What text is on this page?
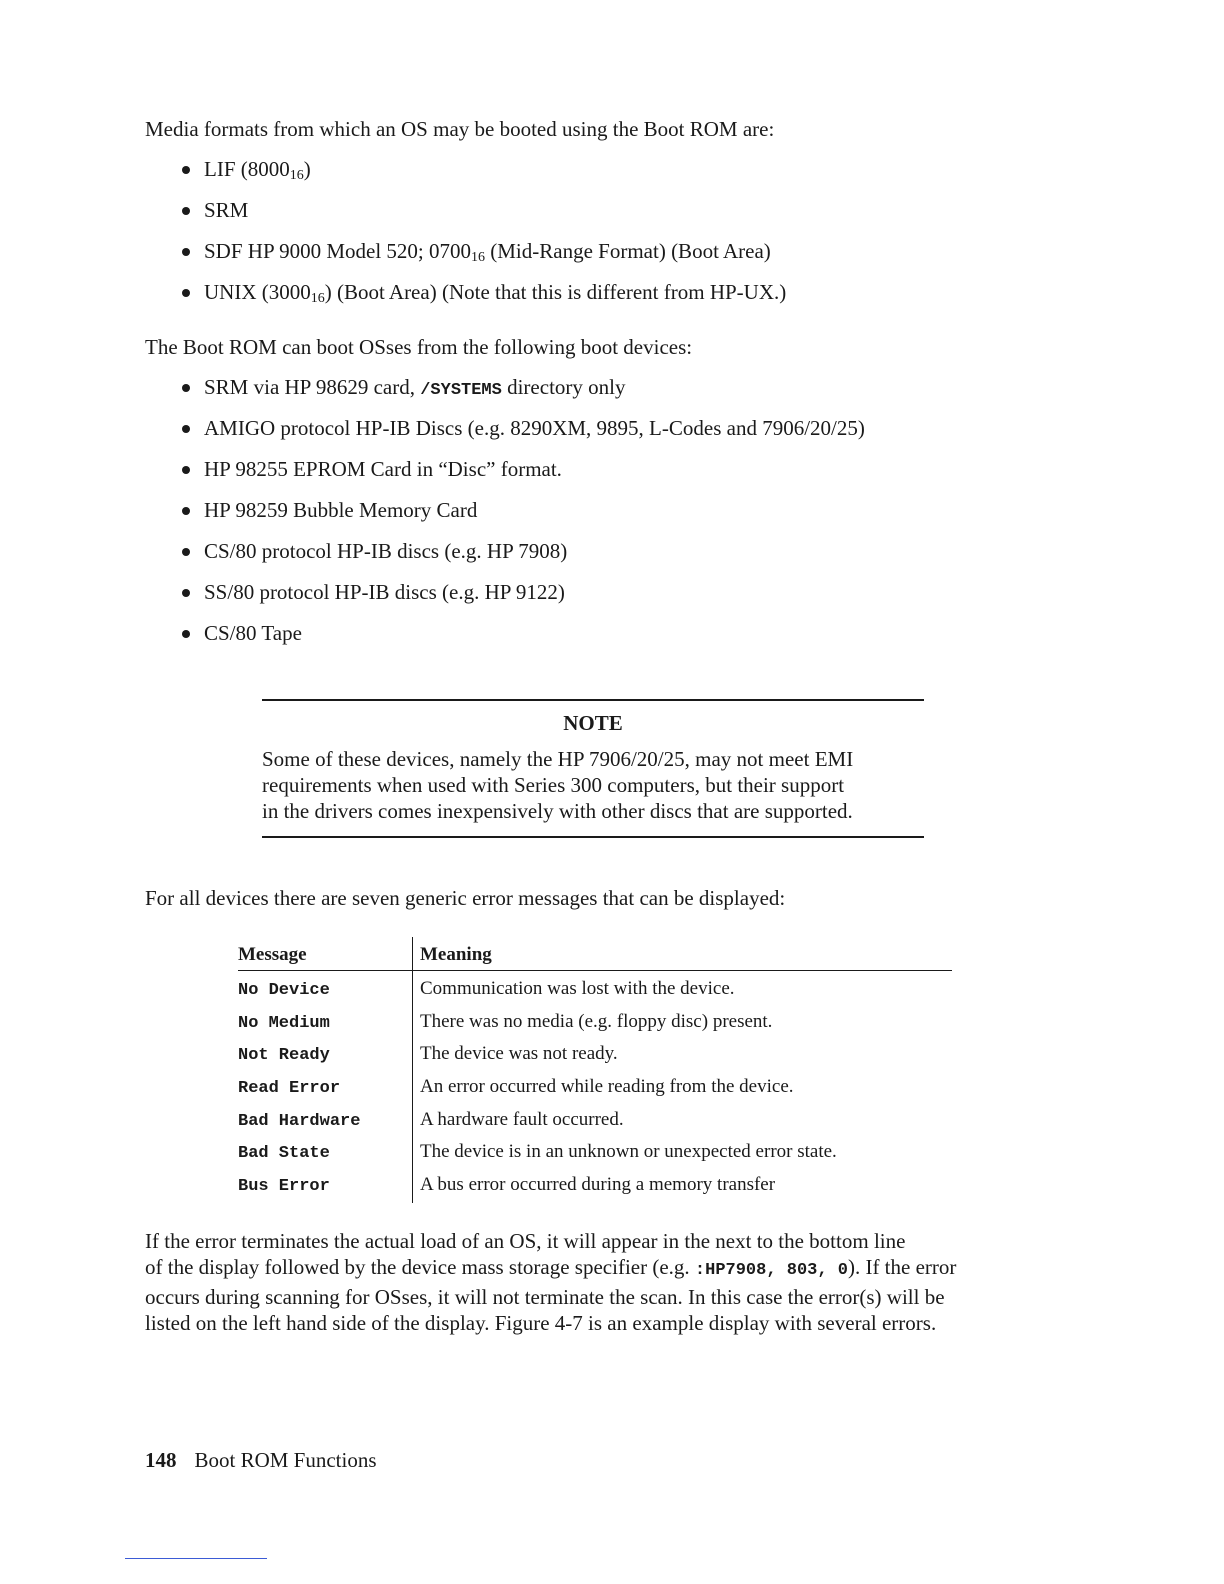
Media formats from which an OS may be booted using the Boot ROM are:

LIF $(8000_{16})$
SRM
SDF HP 9000 Model 520; $0700_{16}$ (Mid-Range Format) (Boot Area)
UNIX $(3000_{16})$ (Boot Area) (Note that this is different from HP-UX.)

The Boot ROM can boot OSses from the following boot devices:

SRM via HP 98629 card, /SYSTEMS directory only
AMIGO protocol HP-IB Discs (e.g. 8290XM, 9895, L-Codes and 7906/20/25)
HP 98255 EPROM Card in “Disc” format.
HP 98259 Bubble Memory Card
CS/80 protocol HP-IB discs (e.g. HP 7908)
SS/80 protocol HP-IB discs (e.g. HP 9122)
CS/80 Tape
NOTE
Some of these devices, namely the HP 7906/20/25, may not meet EMI
requirements when used with Series 300 computers, but their support
in the drivers comes inexpensively with other discs that are supported.

For all devices there are seven generic error messages that can be displayed:

Message	Meaning
No Device	Communication was lost with the device.
No Medium	There was no media (e.g. floppy disc) present.
Not Ready	The device was not ready.
Read Error	An error occurred while reading from the device.
Bad Hardware	A hardware fault occurred.
Bad State	The device is in an unknown or unexpected error state.
Bus Error	A bus error occurred during a memory transfer
If the error terminates the actual load of an OS, it will appear in the next to the bottom line
of the display followed by the device mass storage specifier (e.g. :HP7908, 803, 0). If the error
occurs during scanning for OSses, it will not terminate the scan. In this case the error(s) will be
listed on the left hand side of the display. Figure 4-7 is an example display with several errors.
148 Boot ROM Functions
